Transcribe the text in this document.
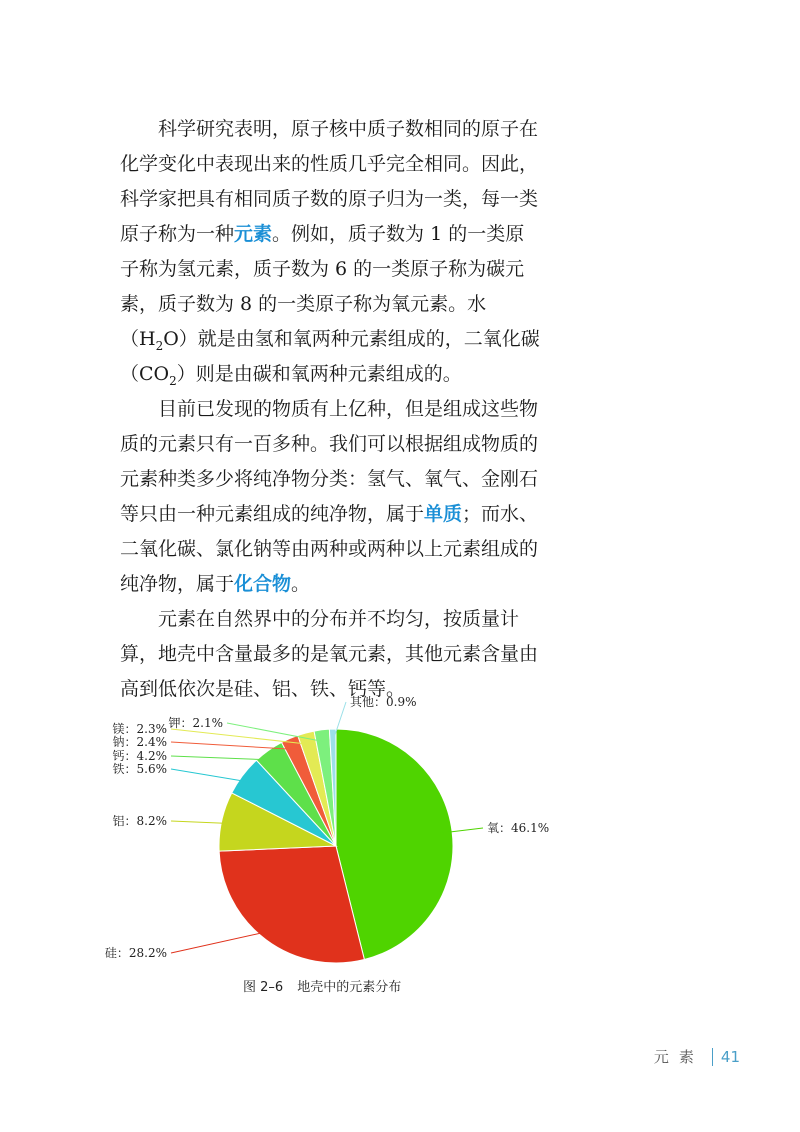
科学研究表明，原子核中质子数相同的原子在化学变化中表现出来的性质几乎完全相同。因此，科学家把具有相同质子数的原子归为一类，每一类原子称为一种元素。例如，质子数为 1 的一类原子称为氢元素，质子数为 6 的一类原子称为碳元素，质子数为 8 的一类原子称为氧元素。水$(H_2O)$就是由氢和氧两种元素组成的，二氧化碳$(CO_2)$则是由碳和氧两种元素组成的。

目前已发现的物质有上亿种，但是组成这些物质的元素只有一百多种。我们可以根据组成物质的元素种类多少将纯净物分类：氢气、氧气、金刚石等只由一种元素组成的纯净物，属于单质；而水、二氧化碳、氯化钠等由两种或两种以上元素组成的纯净物，属于化合物。

元素在自然界中的分布并不均匀，按质量计算，地壳中含量最多的是氧元素，其他元素含量由高到低依次是硅、铝、铁、钙等。

氧：46.1%
硅：28.2%
铝：8.2%
铁：5.6%
钙：4.2%
钠：2.4%
镁：2.3% 钾：2.1%
其他：0.9%
图 2–6 地壳中的元素分布
元素 41
